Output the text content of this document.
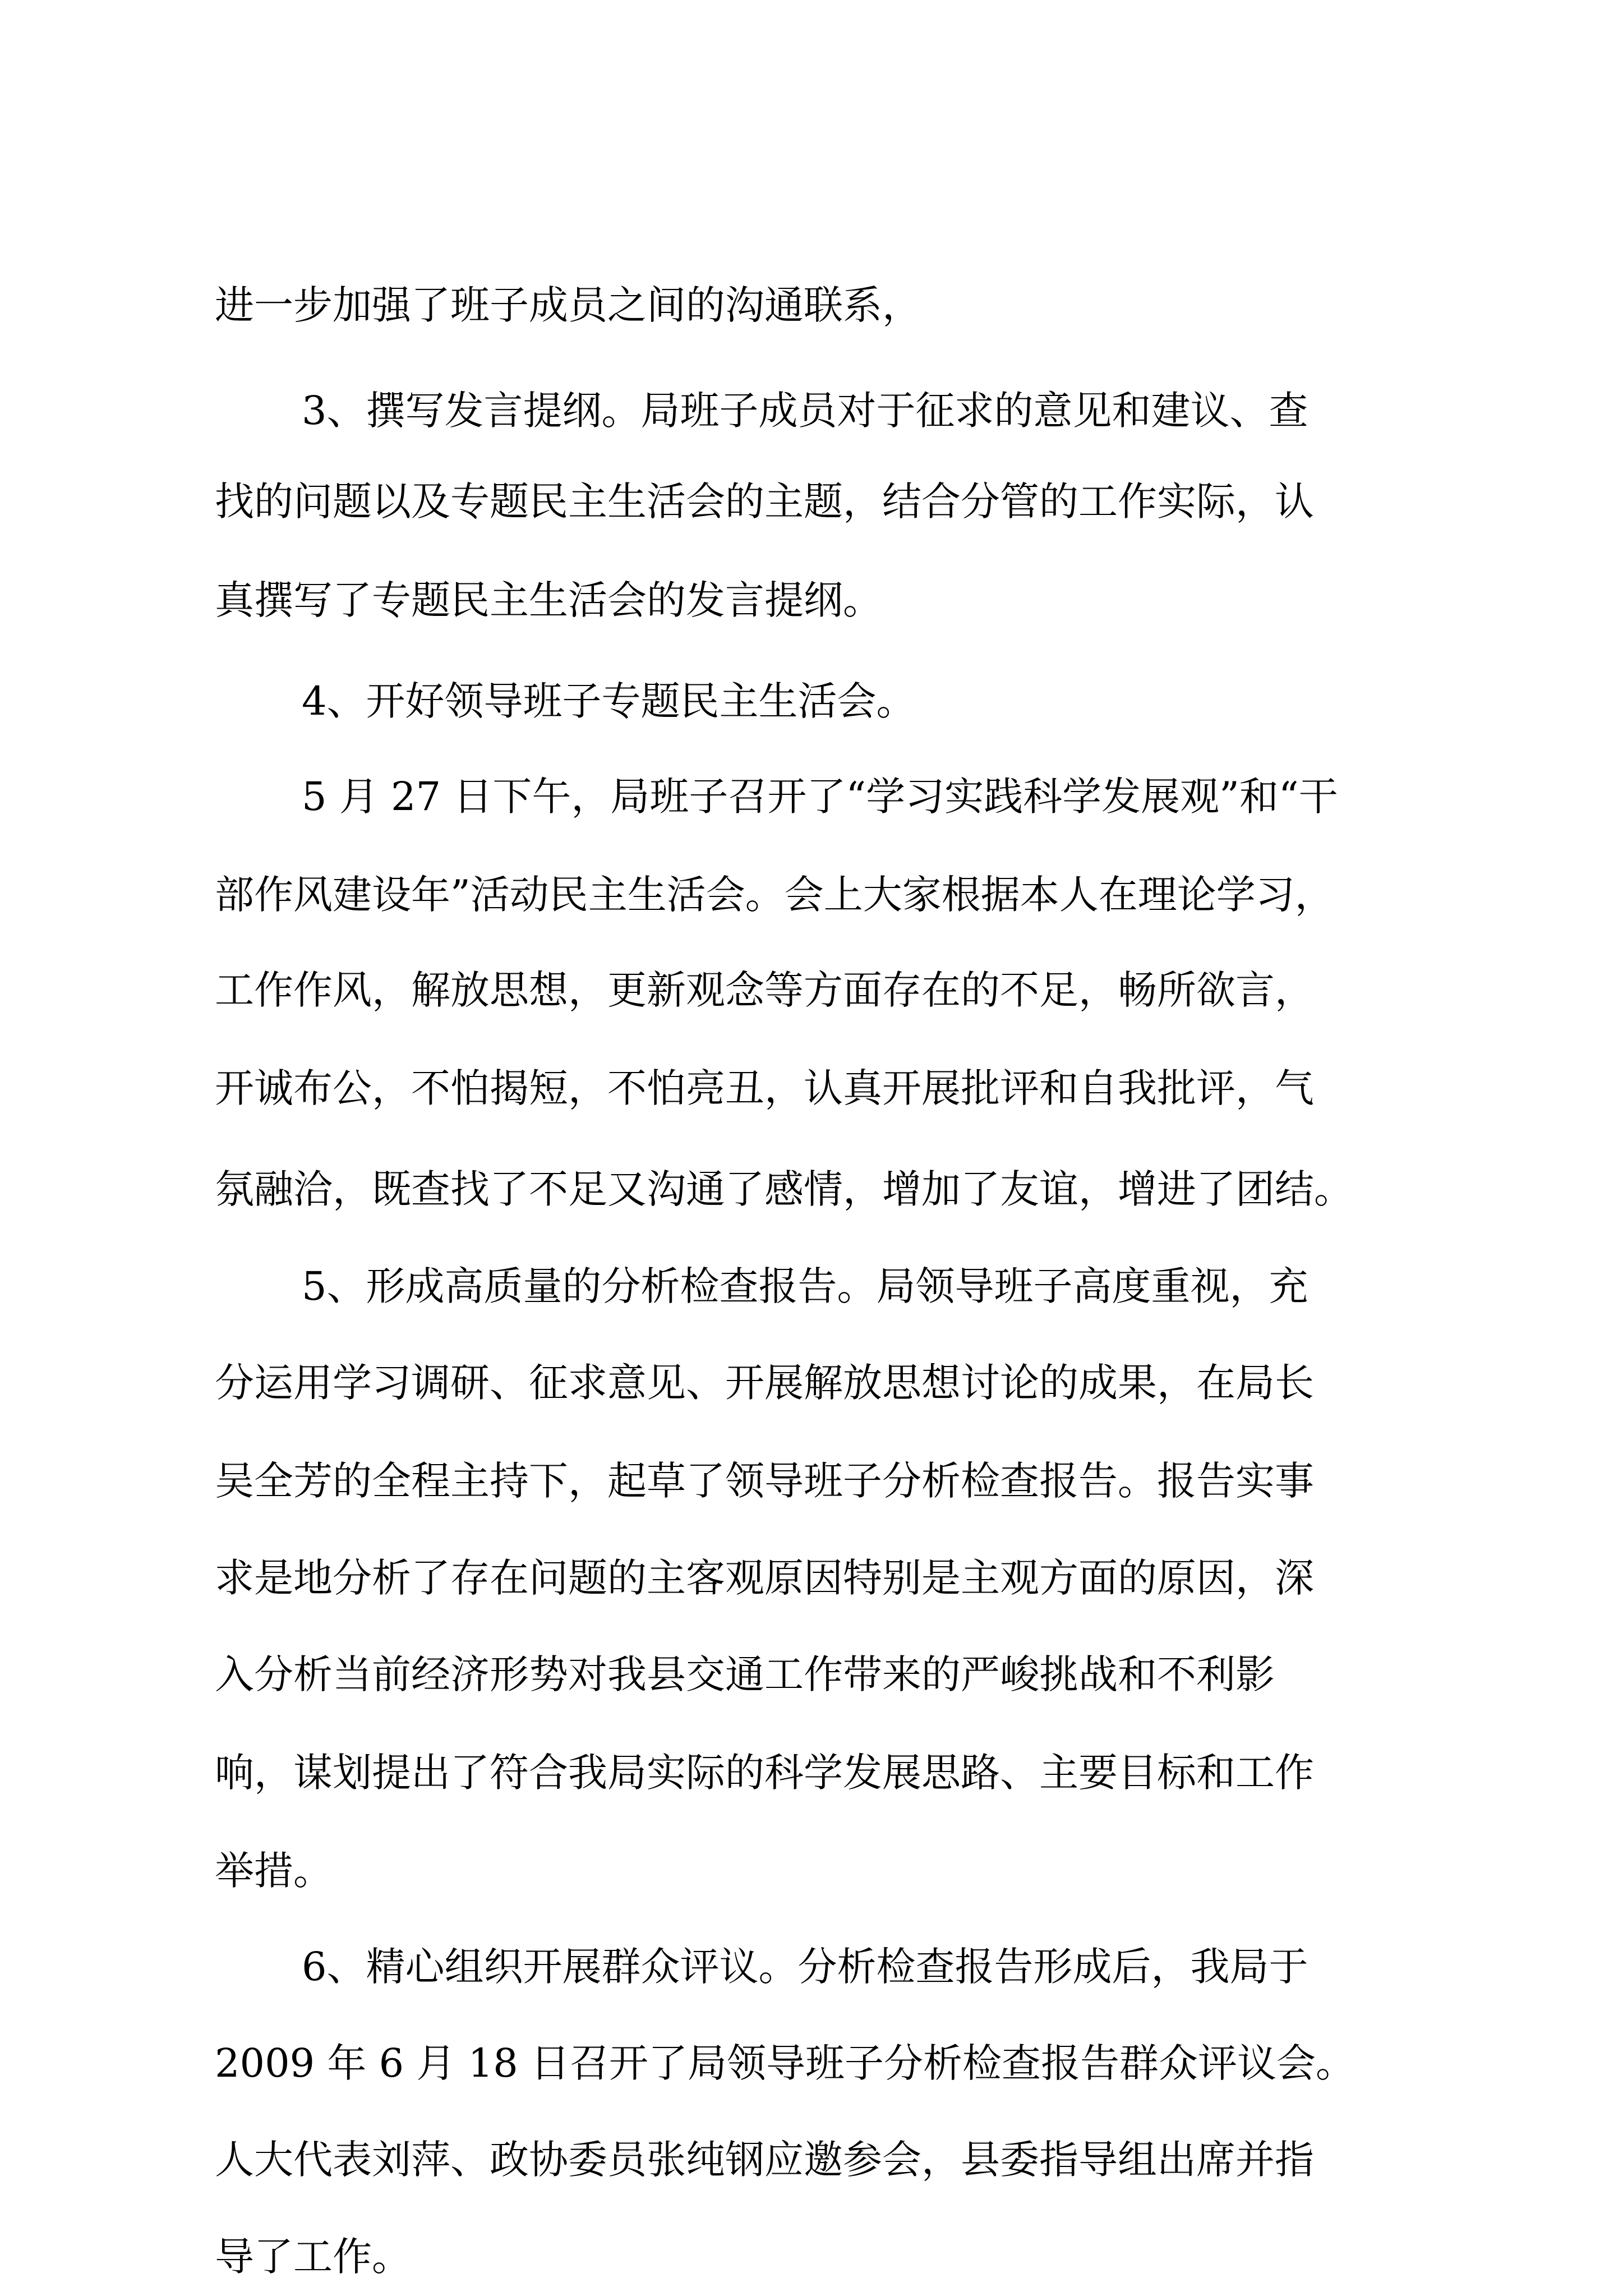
进一步加强了班子成员之间的沟通联系，
3、撰写发言提纲。局班子成员对于征求的意见和建议、查
找的问题以及专题民主生活会的主题，结合分管的工作实际，认
真撰写了专题民主生活会的发言提纲。
4、开好领导班子专题民主生活会。
5 月 27 日下午，局班子召开了“学习实践科学发展观”和“干
部作风建设年”活动民主生活会。会上大家根据本人在理论学习，
工作作风，解放思想，更新观念等方面存在的不足，畅所欲言，
开诚布公，不怕揭短，不怕亮丑，认真开展批评和自我批评，气
氛融洽，既查找了不足又沟通了感情，增加了友谊，增进了团结。
5、形成高质量的分析检查报告。局领导班子高度重视，充
分运用学习调研、征求意见、开展解放思想讨论的成果，在局长
吴全芳的全程主持下，起草了领导班子分析检查报告。报告实事
求是地分析了存在问题的主客观原因特别是主观方面的原因，深
入分析当前经济形势对我县交通工作带来的严峻挑战和不利影
响，谋划提出了符合我局实际的科学发展思路、主要目标和工作
举措。
6、精心组织开展群众评议。分析检查报告形成后，我局于
2009 年 6 月 18 日召开了局领导班子分析检查报告群众评议会。
人大代表刘萍、政协委员张纯钢应邀参会，县委指导组出席并指
导了工作。
